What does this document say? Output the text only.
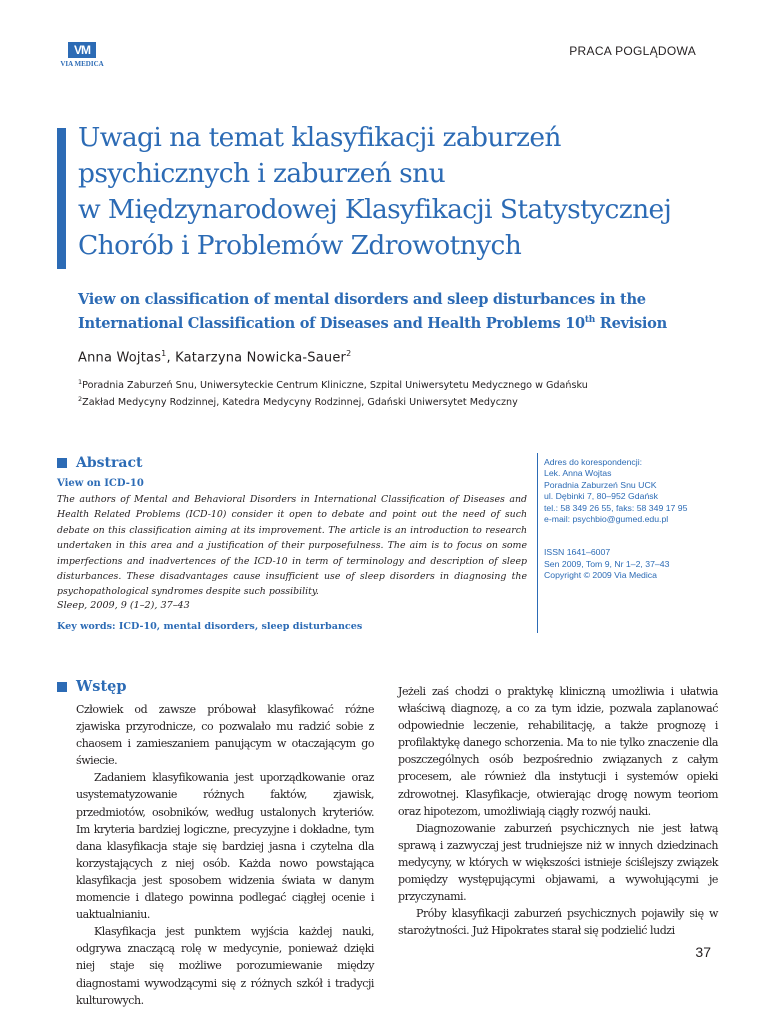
VM
VIA MEDICA
PRACA POGLĄDOWA
Uwagi na temat klasyfikacji zaburzeń
psychicznych i zaburzeń snu
w Międzynarodowej Klasyfikacji Statystycznej
Chorób i Problemów Zdrowotnych
View on classification of mental disorders and sleep disturbances in the
International Classification of Diseases and Health Problems 10th Revision
Anna Wojtas$^1$, Katarzyna Nowicka-Sauer$^2$
$^1$Poradnia Zaburzeń Snu, Uniwersyteckie Centrum Kliniczne, Szpital Uniwersytetu Medycznego w Gdańsku
$^2$Zakład Medycyny Rodzinnej, Katedra Medycyny Rodzinnej, Gdański Uniwersytet Medyczny
Abstract
View on ICD-10

The authors of Mental and Behavioral Disorders in International Classification of Diseases and Health Related Problems (ICD-10) consider it open to debate and point out the need of such debate on this classification aiming at its improvement. The article is an introduction to research undertaken in this area and a justification of their purposefulness. The aim is to focus on some imperfections and inadvertences of the ICD-10 in term of terminology and description of sleep disturbances. These disadvantages cause insufficient use of sleep disorders in diagnosing the psychopathological syndromes despite such possibility.

Sleep, 2009, 9 (1–2), 37–43
Key words: ICD-10, mental disorders, sleep disturbances
Adres do korespondencji:
Lek. Anna Wojtas
Poradnia Zaburzeń Snu UCK
ul. Dębinki 7, 80–952 Gdańsk
tel.: 58 349 26 55, faks: 58 349 17 95
e-mail: psychbio@gumed.edu.pl
ISSN 1641–6007
Sen 2009, Tom 9, Nr 1–2, 37–43
Copyright © 2009 Via Medica
Wstęp

Człowiek od zawsze próbował klasyfikować różne zjawiska przyrodnicze, co pozwalało mu radzić sobie z chaosem i zamieszaniem panującym w otaczającym go świecie.

Zadaniem klasyfikowania jest uporządkowanie oraz usystematyzowanie różnych faktów, zjawisk, przedmiotów, osobników, według ustalonych kryteriów. Im kryteria bardziej logiczne, precyzyjne i dokładne, tym dana klasyfikacja staje się bardziej jasna i czytelna dla korzystających z niej osób. Każda nowo powstająca klasyfikacja jest sposobem widzenia świata w danym momencie i dlatego powinna podlegać ciągłej ocenie i uaktualnianiu.

Klasyfikacja jest punktem wyjścia każdej nauki, odgrywa znaczącą rolę w medycynie, ponieważ dzięki niej staje się możliwe porozumiewanie między diagnostami wywodzącymi się z różnych szkół i tradycji kulturowych.

Jeżeli zaś chodzi o praktykę kliniczną umożliwia i ułatwia właściwą diagnozę, a co za tym idzie, pozwala zaplanować odpowiednie leczenie, rehabilitację, a także prognozę i profilaktykę danego schorzenia. Ma to nie tylko znaczenie dla poszczególnych osób bezpośrednio związanych z całym procesem, ale również dla instytucji i systemów opieki zdrowotnej. Klasyfikacje, otwierając drogę nowym teoriom oraz hipotezom, umożliwiają ciągły rozwój nauki.

Diagnozowanie zaburzeń psychicznych nie jest łatwą sprawą i zazwyczaj jest trudniejsze niż w innych dziedzinach medycyny, w których w większości istnieje ściślejszy związek pomiędzy występującymi objawami, a wywołującymi je przyczynami.

Próby klasyfikacji zaburzeń psychicznych pojawiły się w starożytności. Już Hipokrates starał się podzielić ludzi

37
